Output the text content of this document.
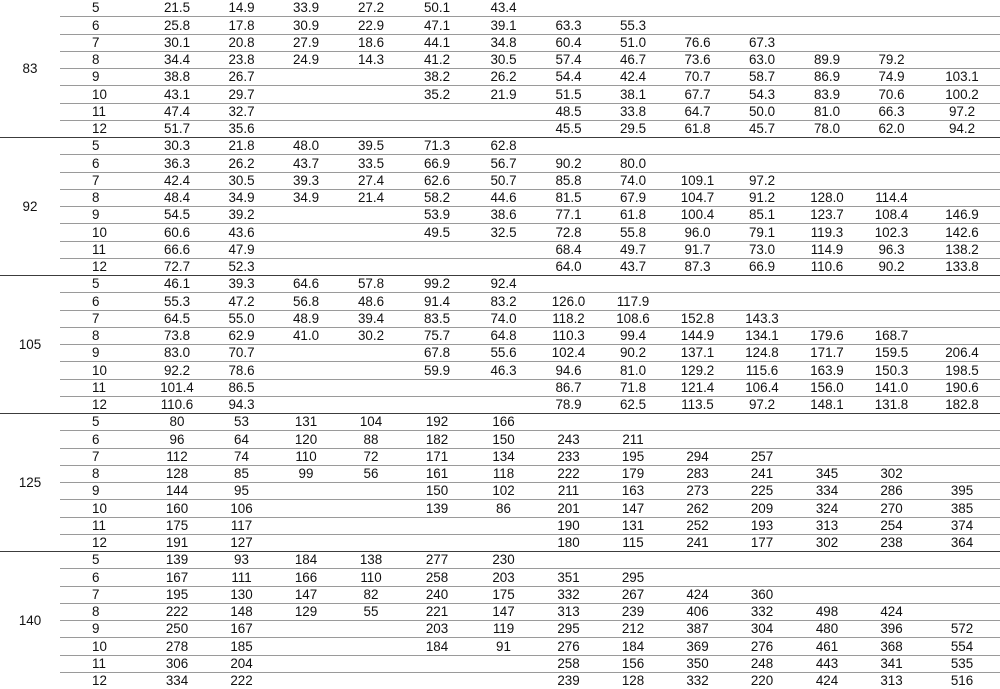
83	5	21.5	14.9	33.9	27.2	50.1	43.4								
	6	25.8	17.8	30.9	22.9	47.1	39.1	63.3	55.3						
	7	30.1	20.8	27.9	18.6	44.1	34.8	60.4	51.0	76.6	67.3				
	8	34.4	23.8	24.9	14.3	41.2	30.5	57.4	46.7	73.6	63.0	89.9	79.2		
	9	38.8	26.7			38.2	26.2	54.4	42.4	70.7	58.7	86.9	74.9	103.1	
	10	43.1	29.7			35.2	21.9	51.5	38.1	67.7	54.3	83.9	70.6	100.2	
	11	47.4	32.7					48.5	33.8	64.7	50.0	81.0	66.3	97.2	
	12	51.7	35.6					45.5	29.5	61.8	45.7	78.0	62.0	94.2	
92	5	30.3	21.8	48.0	39.5	71.3	62.8								
	6	36.3	26.2	43.7	33.5	66.9	56.7	90.2	80.0						
	7	42.4	30.5	39.3	27.4	62.6	50.7	85.8	74.0	109.1	97.2				
	8	48.4	34.9	34.9	21.4	58.2	44.6	81.5	67.9	104.7	91.2	128.0	114.4		
	9	54.5	39.2			53.9	38.6	77.1	61.8	100.4	85.1	123.7	108.4	146.9	
	10	60.6	43.6			49.5	32.5	72.8	55.8	96.0	79.1	119.3	102.3	142.6	
	11	66.6	47.9					68.4	49.7	91.7	73.0	114.9	96.3	138.2	
	12	72.7	52.3					64.0	43.7	87.3	66.9	110.6	90.2	133.8	
105	5	46.1	39.3	64.6	57.8	99.2	92.4								
	6	55.3	47.2	56.8	48.6	91.4	83.2	126.0	117.9						
	7	64.5	55.0	48.9	39.4	83.5	74.0	118.2	108.6	152.8	143.3				
	8	73.8	62.9	41.0	30.2	75.7	64.8	110.3	99.4	144.9	134.1	179.6	168.7		
	9	83.0	70.7			67.8	55.6	102.4	90.2	137.1	124.8	171.7	159.5	206.4	
	10	92.2	78.6			59.9	46.3	94.6	81.0	129.2	115.6	163.9	150.3	198.5	
	11	101.4	86.5					86.7	71.8	121.4	106.4	156.0	141.0	190.6	
	12	110.6	94.3					78.9	62.5	113.5	97.2	148.1	131.8	182.8	
125	5	80	53	131	104	192	166								
	6	96	64	120	88	182	150	243	211						
	7	112	74	110	72	171	134	233	195	294	257				
	8	128	85	99	56	161	118	222	179	283	241	345	302		
	9	144	95			150	102	211	163	273	225	334	286	395	
	10	160	106			139	86	201	147	262	209	324	270	385	
	11	175	117					190	131	252	193	313	254	374	
	12	191	127					180	115	241	177	302	238	364	
140	5	139	93	184	138	277	230								
	6	167	111	166	110	258	203	351	295						
	7	195	130	147	82	240	175	332	267	424	360				
	8	222	148	129	55	221	147	313	239	406	332	498	424		
	9	250	167			203	119	295	212	387	304	480	396	572	
	10	278	185			184	91	276	184	369	276	461	368	554	
	11	306	204					258	156	350	248	443	341	535	
	12	334	222					239	128	332	220	424	313	516	
